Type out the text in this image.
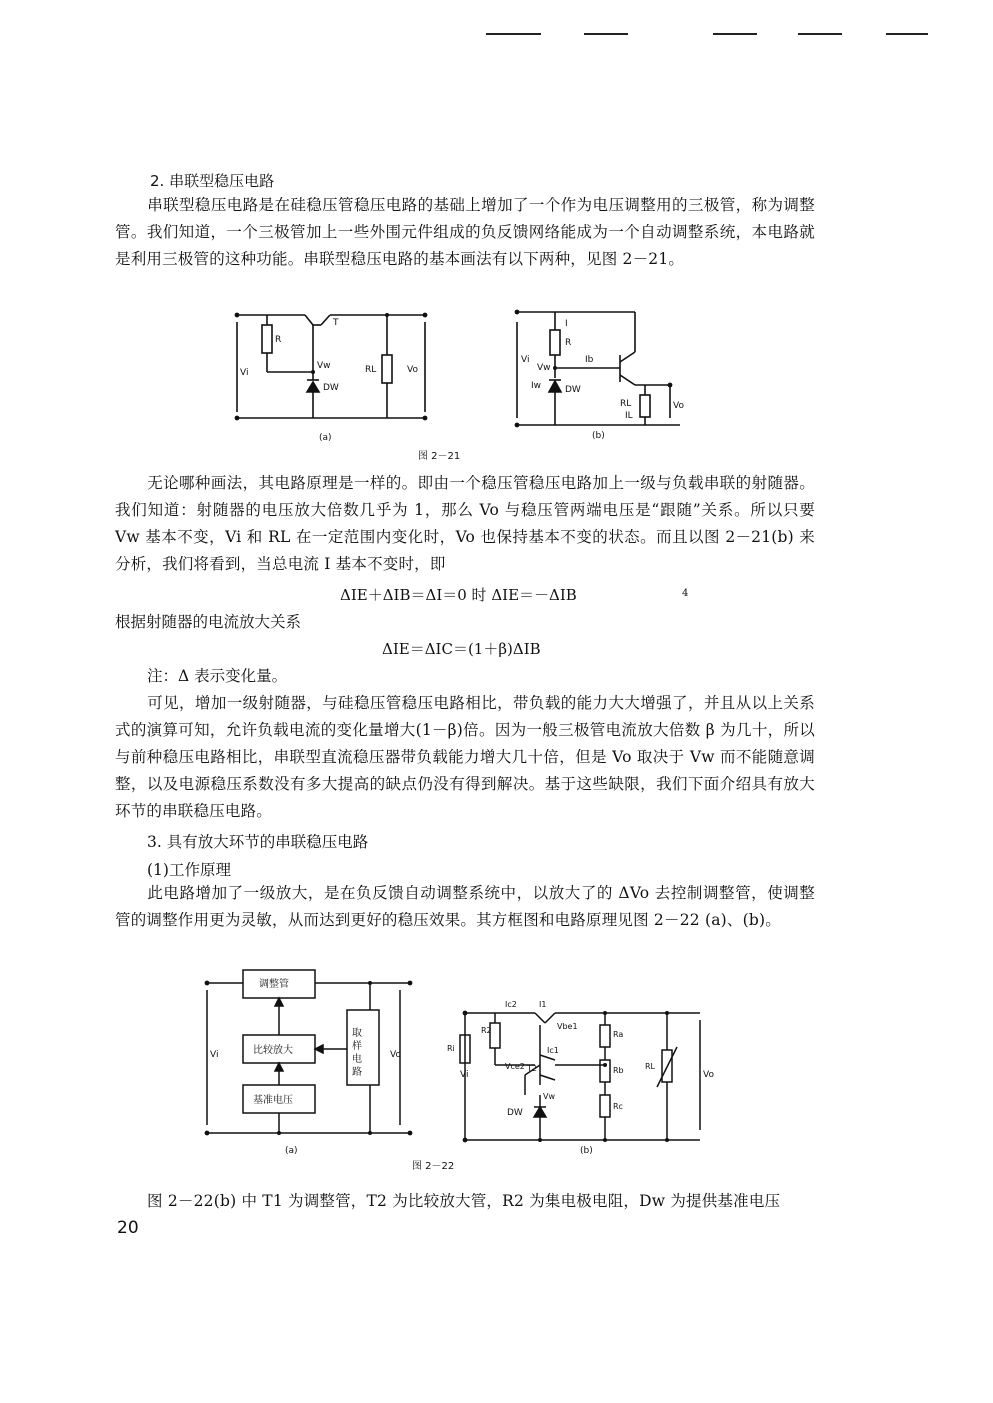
2. 串联型稳压电路
串联型稳压电路是在硅稳压管稳压电路的基础上增加了一个作为电压调整用的三极管，称为调整管。我们知道，一个三极管加上一些外围元件组成的负反馈网络能成为一个自动调整系统，本电路就是利用三极管的这种功能。串联型稳压电路的基本画法有以下两种，见图 2－21。
R
T
Vw
Vi	RL	Vo
DW
(a)
I
R
Vi
Vw
Ib
Iw	DW
RL
IL
Vo
(b)
图 2－21
无论哪种画法，其电路原理是一样的。即由一个稳压管稳压电路加上一级与负载串联的射随器。我们知道：射随器的电压放大倍数几乎为 1，那么 Vo 与稳压管两端电压是“跟随”关系。所以只要 Vw 基本不变，Vi 和 RL 在一定范围内变化时，Vo 也保持基本不变的状态。而且以图 2－21(b) 来分析，我们将看到，当总电流 I 基本不变时，即
ΔIE＋ΔIB＝ΔI＝0 时 ΔIE＝－ΔIB	4
根据射随器的电流放大关系
ΔIE＝ΔIC＝(1＋β)ΔIB
注：Δ 表示变化量。
可见，增加一级射随器，与硅稳压管稳压电路相比，带负载的能力大大增强了，并且从以上关系式的演算可知，允许负载电流的变化量增大(1－β)倍。因为一般三极管电流放大倍数 β 为几十，所以与前种稳压电路相比，串联型直流稳压器带负载能力增大几十倍，但是 Vo 取决于 Vw 而不能随意调整，以及电源稳压系数没有多大提高的缺点仍没有得到解决。基于这些缺限，我们下面介绍具有放大环节的串联稳压电路。
3. 具有放大环节的串联稳压电路
(1)工作原理
此电路增加了一级放大，是在负反馈自动调整系统中，以放大了的 ΔVo 去控制调整管，使调整管的调整作用更为灵敏，从而达到更好的稳压效果。其方框图和电路原理见图 2－22 (a)、(b)。
调整管
比较放大
基准电压
取样电路
Vi	Vo
(a)
Ic2	I1
R2	Vbe1
Ri	Ic1
Vi
Vce2 T2
Vw
DW
Ra
Rb
Rc
RL
Vo
(b)
图 2－22
图 2－22(b) 中 T1 为调整管，T2 为比较放大管，R2 为集电极电阻，Dw 为提供基准电压
20
